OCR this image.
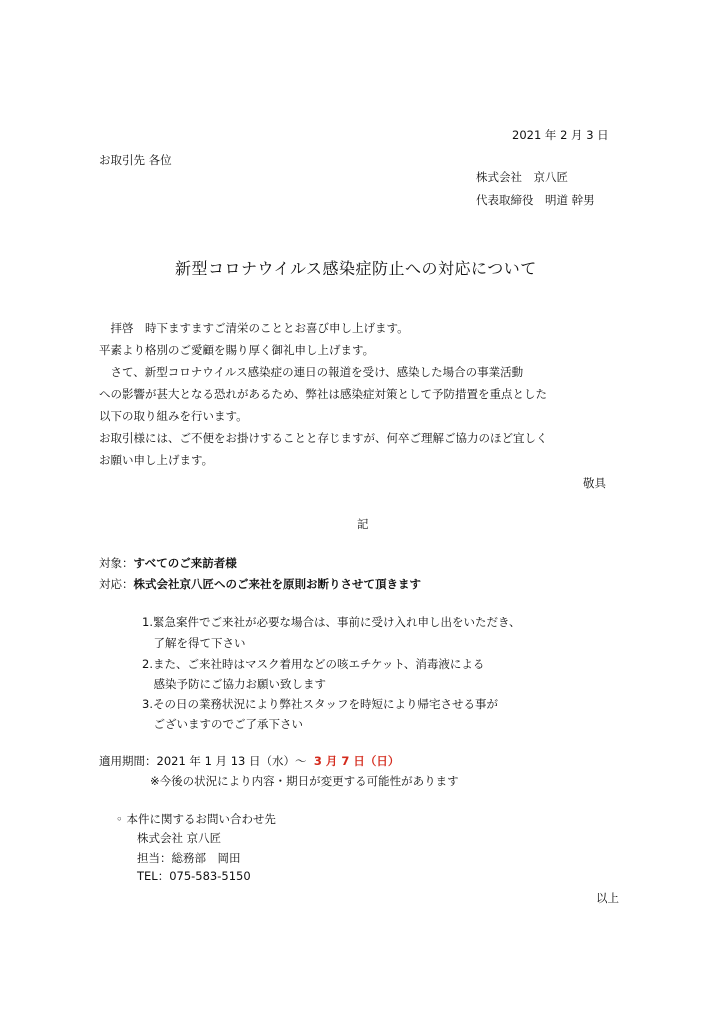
2021 年 2 月 3 日

お取引先 各位

株式会社　京八匠

代表取締役　明道 幹男

新型コロナウイルス感染症防止への対応について

　拝啓　時下ますますご清栄のこととお喜び申し上げます。

平素より格別のご愛顧を賜り厚く御礼申し上げます。

　さて、新型コロナウイルス感染症の連日の報道を受け、感染した場合の事業活動

への影響が甚大となる恐れがあるため、弊社は感染症対策として予防措置を重点とした

以下の取り組みを行います。

お取引様には、ご不便をお掛けすることと存じますが、何卒ご理解ご協力のほど宜しく

お願い申し上げます。

敬具

記

対象：すべてのご来訪者様

対応：株式会社京八匠へのご来社を原則お断りさせて頂きます

1.緊急案件でご来社が必要な場合は、事前に受け入れ申し出をいただき、

　了解を得て下さい

2.また、ご来社時はマスク着用などの咳エチケット、消毒液による

　感染予防にご協力お願い致します

3.その日の業務状況により弊社スタッフを時短により帰宅させる事が

　ございますのでご了承下さい

適用期間：2021 年 1 月 13 日（水）～ 3 月 7 日（日）

※今後の状況により内容・期日が変更する可能性があります

◦ 本件に関するお問い合わせ先

株式会社 京八匠

担当：総務部　岡田

TEL：075-583-5150

以上
